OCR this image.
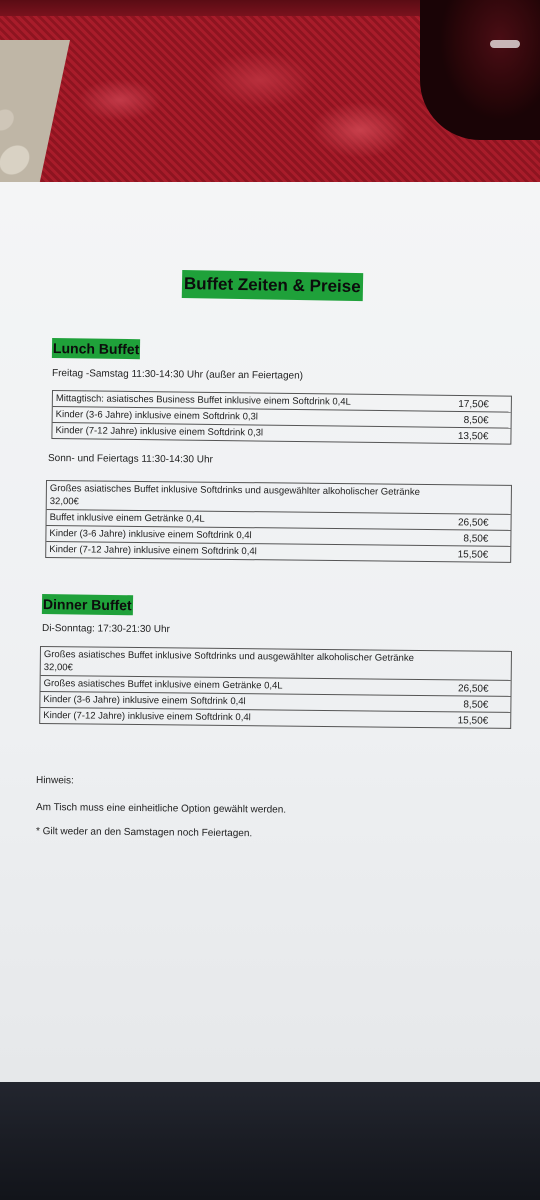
Buffet Zeiten & Preise
Lunch Buffet
Freitag -Samstag 11:30-14:30 Uhr (außer an Feiertagen)
Mittagtisch: asiatisches Business Buffet inklusive einem Softdrink 0,4L	17,50€
Kinder (3-6 Jahre) inklusive einem Softdrink 0,3l	8,50€
Kinder (7-12 Jahre) inklusive einem Softdrink 0,3l	13,50€
Sonn- und Feiertags 11:30-14:30 Uhr
Großes asiatisches Buffet inklusive Softdrinks und ausgewählter alkoholischer Getränke
32,00€
Buffet inklusive einem Getränke 0,4L	26,50€
Kinder (3-6 Jahre) inklusive einem Softdrink 0,4l	8,50€
Kinder (7-12 Jahre) inklusive einem Softdrink 0,4l	15,50€
Dinner Buffet
Di-Sonntag: 17:30-21:30 Uhr
Großes asiatisches Buffet inklusive Softdrinks und ausgewählter alkoholischer Getränke
32,00€
Großes asiatisches Buffet inklusive einem Getränke 0,4L	26,50€
Kinder (3-6 Jahre) inklusive einem Softdrink 0,4l	8,50€
Kinder (7-12 Jahre) inklusive einem Softdrink 0,4l	15,50€
Hinweis:
Am Tisch muss eine einheitliche Option gewählt werden.
* Gilt weder an den Samstagen noch Feiertagen.
